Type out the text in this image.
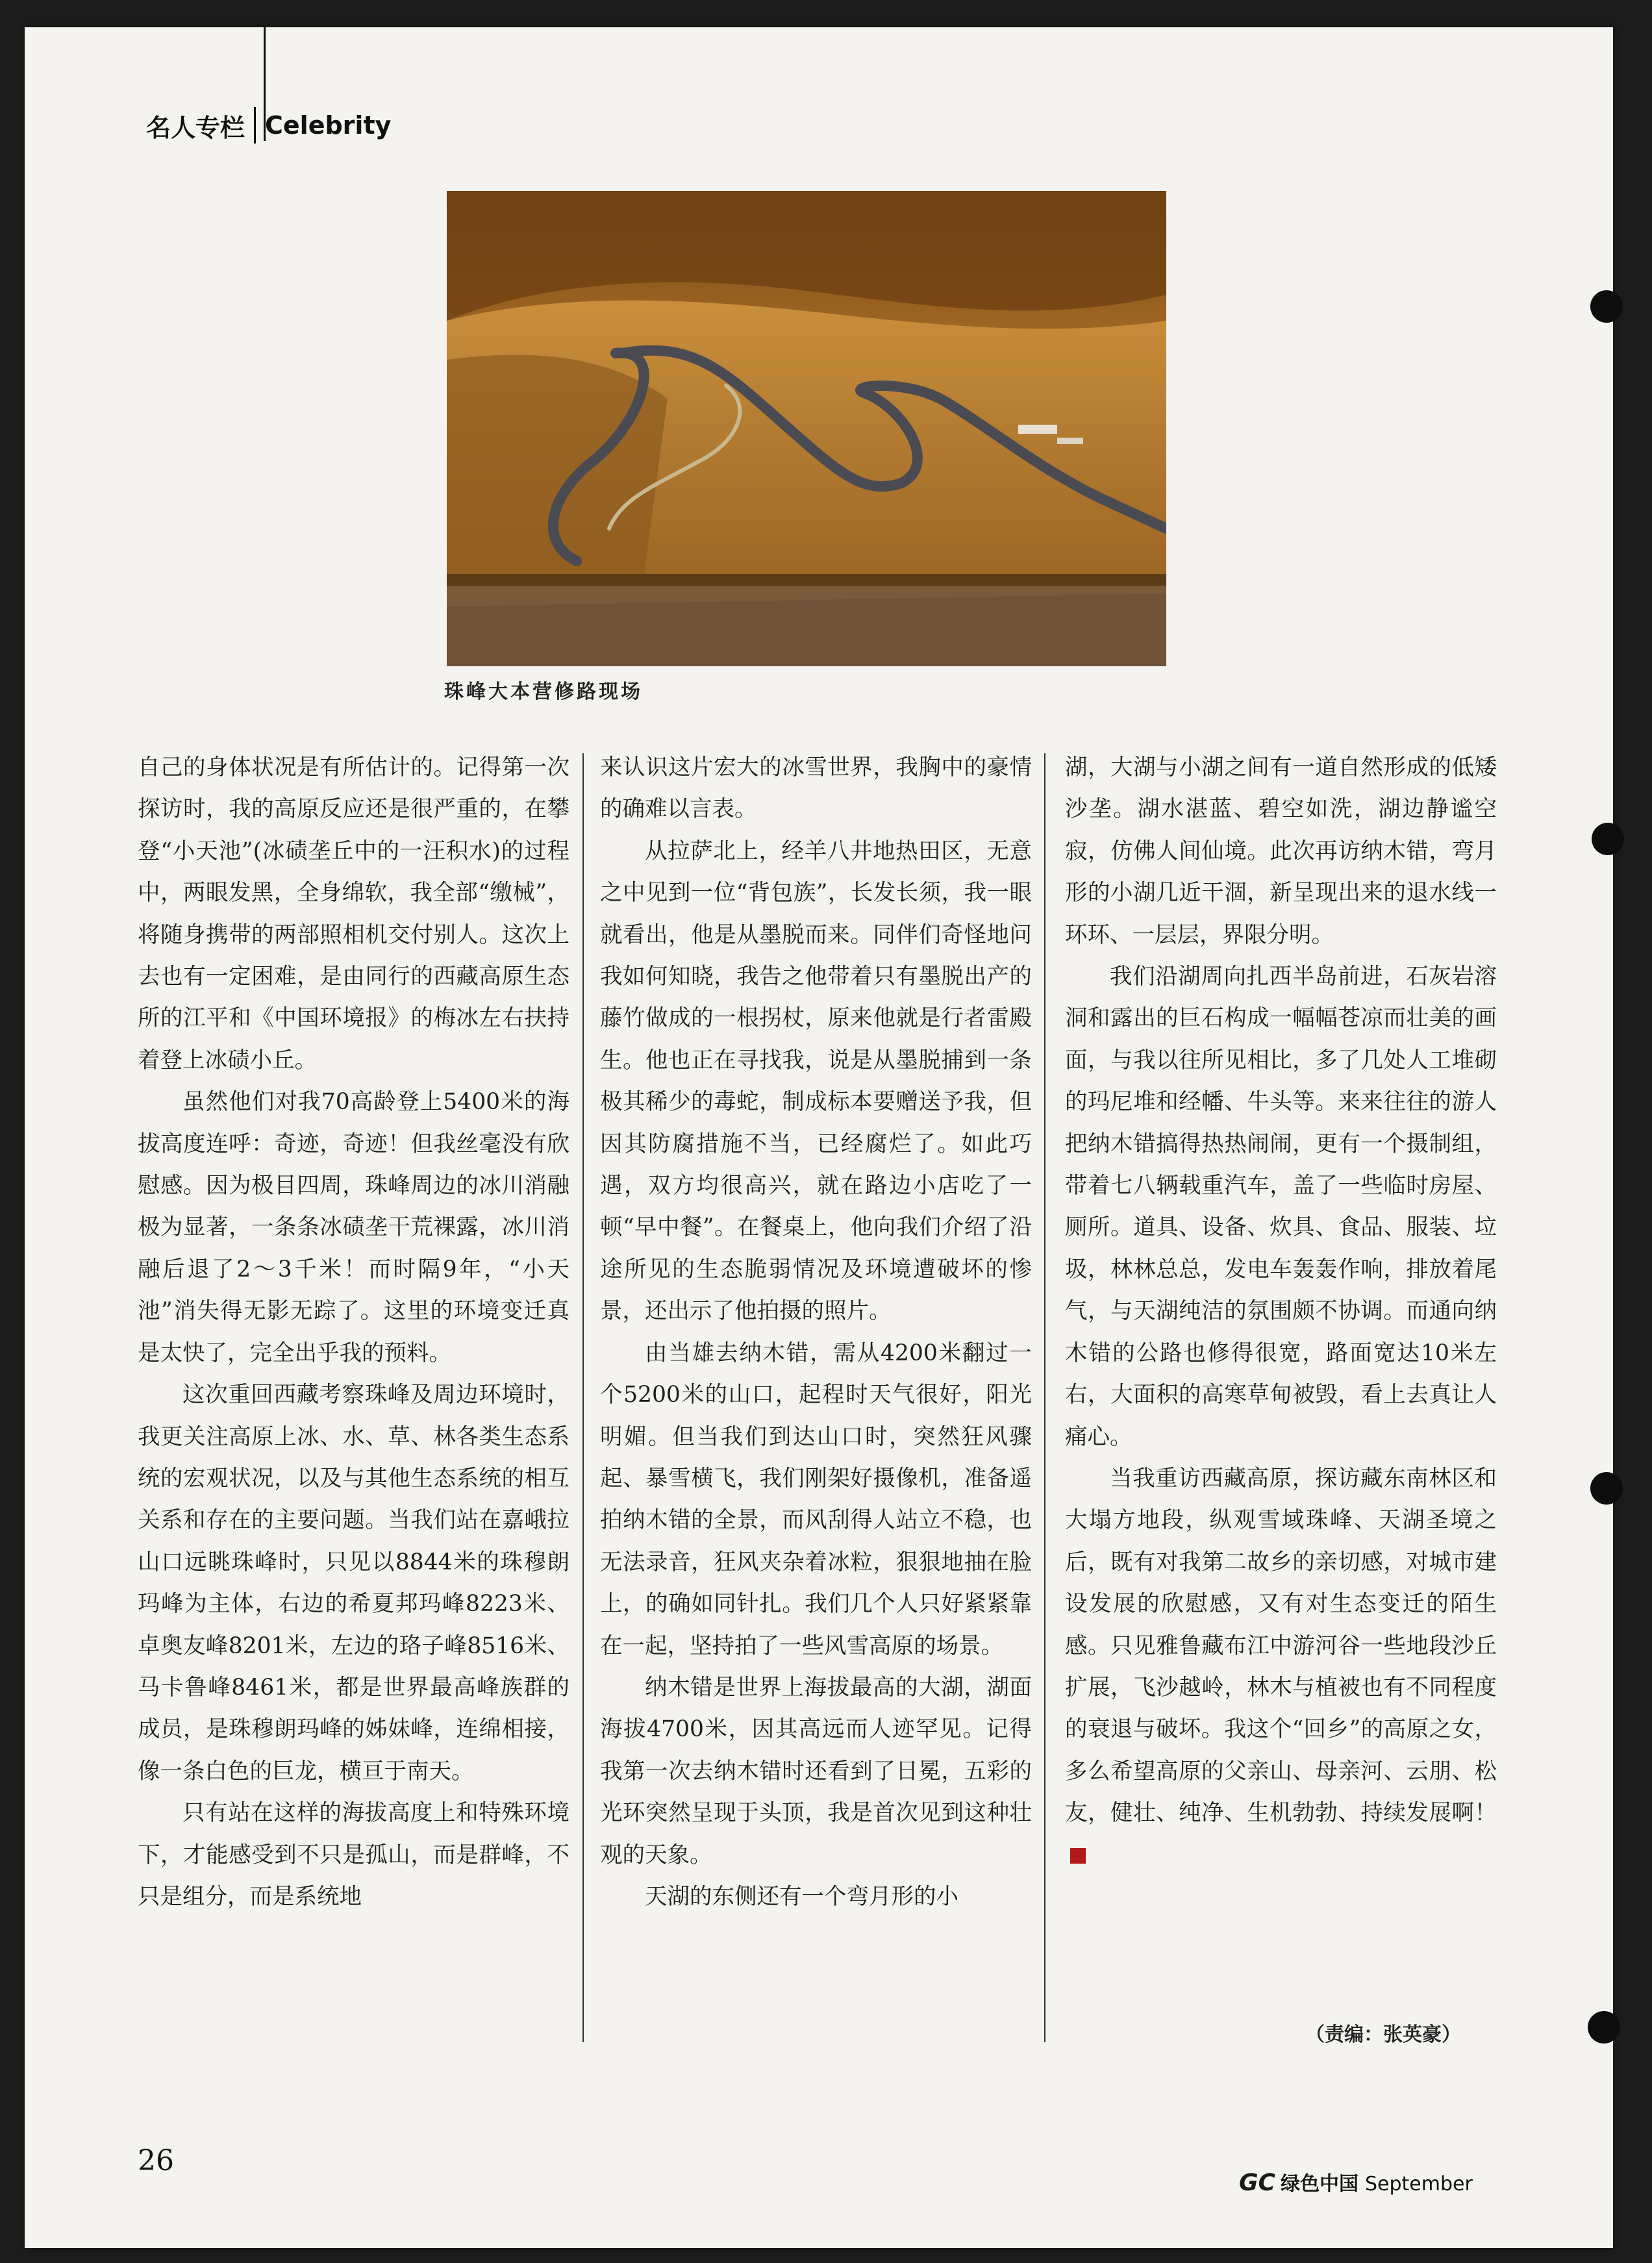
名人专栏 Celebrity
珠峰大本营修路现场

自己的身体状况是有所估计的。记得第一次探访时，我的高原反应还是很严重的，在攀登“小天池”(冰碛垄丘中的一汪积水)的过程中，两眼发黑，全身绵软，我全部“缴械”，将随身携带的两部照相机交付别人。这次上去也有一定困难，是由同行的西藏高原生态所的江平和《中国环境报》的梅冰左右扶持着登上冰碛小丘。

虽然他们对我70高龄登上5400米的海拔高度连呼：奇迹，奇迹！但我丝毫没有欣慰感。因为极目四周，珠峰周边的冰川消融极为显著，一条条冰碛垄干荒裸露，冰川消融后退了2～3千米！而时隔9年，“小天池”消失得无影无踪了。这里的环境变迁真是太快了，完全出乎我的预料。

这次重回西藏考察珠峰及周边环境时，我更关注高原上冰、水、草、林各类生态系统的宏观状况，以及与其他生态系统的相互关系和存在的主要问题。当我们站在嘉峨拉山口远眺珠峰时，只见以8844米的珠穆朗玛峰为主体，右边的希夏邦玛峰8223米、卓奥友峰8201米，左边的珞子峰8516米、马卡鲁峰8461米，都是世界最高峰族群的成员，是珠穆朗玛峰的姊妹峰，连绵相接，像一条白色的巨龙，横亘于南天。

只有站在这样的海拔高度上和特殊环境下，才能感受到不只是孤山，而是群峰，不只是组分，而是系统地

来认识这片宏大的冰雪世界，我胸中的豪情的确难以言表。

从拉萨北上，经羊八井地热田区，无意之中见到一位“背包族”，长发长须，我一眼就看出，他是从墨脱而来。同伴们奇怪地问我如何知晓，我告之他带着只有墨脱出产的藤竹做成的一根拐杖，原来他就是行者雷殿生。他也正在寻找我，说是从墨脱捕到一条极其稀少的毒蛇，制成标本要赠送予我，但因其防腐措施不当，已经腐烂了。如此巧遇，双方均很高兴，就在路边小店吃了一顿“早中餐”。在餐桌上，他向我们介绍了沿途所见的生态脆弱情况及环境遭破坏的惨景，还出示了他拍摄的照片。

由当雄去纳木错，需从4200米翻过一个5200米的山口，起程时天气很好，阳光明媚。但当我们到达山口时，突然狂风骤起、暴雪横飞，我们刚架好摄像机，准备遥拍纳木错的全景，而风刮得人站立不稳，也无法录音，狂风夹杂着冰粒，狠狠地抽在脸上，的确如同针扎。我们几个人只好紧紧靠在一起，坚持拍了一些风雪高原的场景。

纳木错是世界上海拔最高的大湖，湖面海拔4700米，因其高远而人迹罕见。记得我第一次去纳木错时还看到了日冕，五彩的光环突然呈现于头顶，我是首次见到这种壮观的天象。

天湖的东侧还有一个弯月形的小

湖，大湖与小湖之间有一道自然形成的低矮沙垄。湖水湛蓝、碧空如洗，湖边静谧空寂，仿佛人间仙境。此次再访纳木错，弯月形的小湖几近干涸，新呈现出来的退水线一环环、一层层，界限分明。

我们沿湖周向扎西半岛前进，石灰岩溶洞和露出的巨石构成一幅幅苍凉而壮美的画面，与我以往所见相比，多了几处人工堆砌的玛尼堆和经幡、牛头等。来来往往的游人把纳木错搞得热热闹闹，更有一个摄制组，带着七八辆载重汽车，盖了一些临时房屋、厕所。道具、设备、炊具、食品、服装、垃圾，林林总总，发电车轰轰作响，排放着尾气，与天湖纯洁的氛围颇不协调。而通向纳木错的公路也修得很宽，路面宽达10米左右，大面积的高寒草甸被毁，看上去真让人痛心。

当我重访西藏高原，探访藏东南林区和大塌方地段，纵观雪域珠峰、天湖圣境之后，既有对我第二故乡的亲切感，对城市建设发展的欣慰感，又有对生态变迁的陌生感。只见雅鲁藏布江中游河谷一些地段沙丘扩展，飞沙越岭，林木与植被也有不同程度的衰退与破坏。我这个“回乡”的高原之女，多么希望高原的父亲山、母亲河、云朋、松友，健壮、纯净、生机勃勃、持续发展啊！

（责编：张英豪）
26
GC 绿色中国 September
